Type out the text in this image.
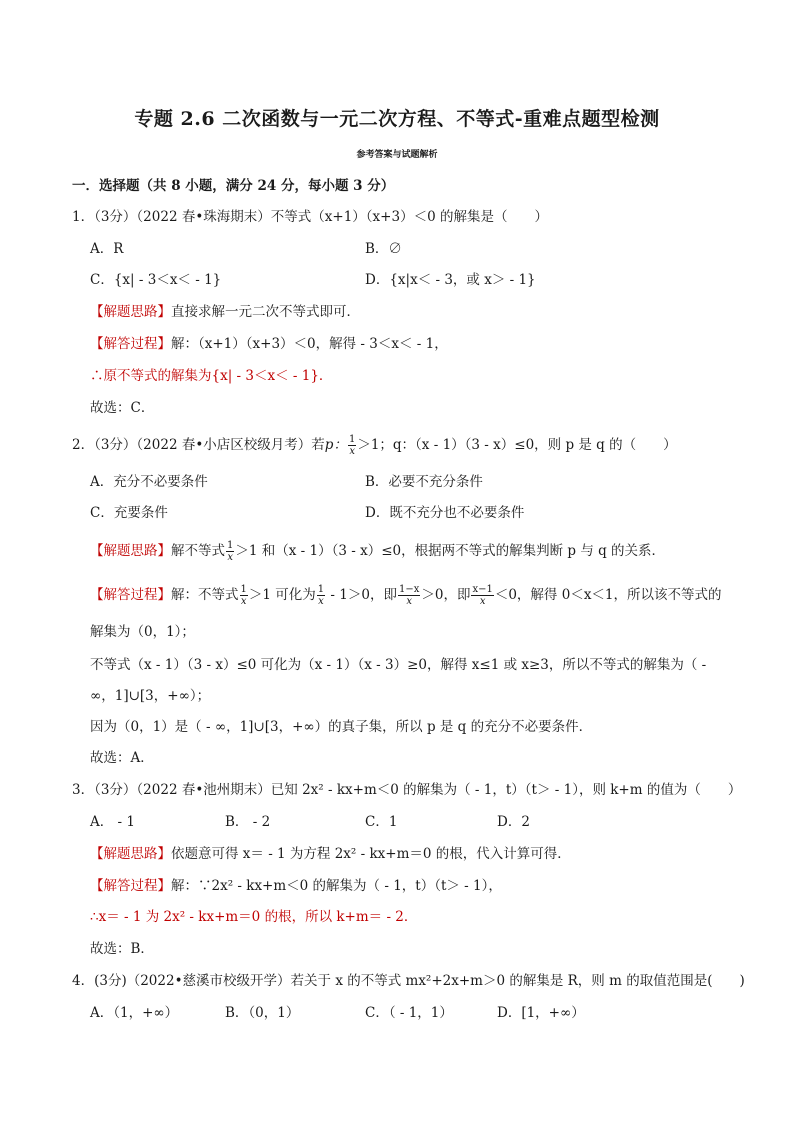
专题 2.6 二次函数与一元二次方程、不等式-重难点题型检测
参考答案与试题解析
一．选择题（共 8 小题，满分 24 分，每小题 3 分）
1．（3分）（2022 春•珠海期末）不等式（x+1）（x+3）＜0 的解集是（　　）
A．R	B．∅
C．{x| - 3＜x＜ - 1}	D．{x|x＜ - 3，或 x＞ - 1}
【解题思路】直接求解一元二次不等式即可．
【解答过程】解：（x+1）（x+3）＜0，解得 - 3＜x＜ - 1，
∴原不等式的解集为{x| - 3＜x＜ - 1}．
故选：C．
2．（3分）（2022 春•小店区校级月考）若p： $\frac{1}{x} >1$；q：（x - 1）（3 - x）≤0，则 p 是 q 的（　　）
A．充分不必要条件	B．必要不充分条件
C．充要条件	D．既不充分也不必要条件
【解题思路】解不等式 $\frac{1}{x} >1$ 和（x - 1）（3 - x）≤0，根据两不等式的解集判断 p 与 q 的关系．
【解答过程】解：不等式 $\frac{1}{x} >1$ 可化为 $\frac{1}{x} - 1>0$，即 $\frac{1-x}{x} >0$，即 $\frac{x-1}{x} <0$，解得 0＜x＜1，所以该不等式的
解集为（0，1）；
不等式（x - 1）（3 - x）≤0 可化为（x - 1）（x - 3）≥0，解得 x≤1 或 x≥3，所以不等式的解集为（ -
∞，1]∪[3，+∞）；
因为（0，1）是（ - ∞，1]∪[3，+∞）的真子集，所以 p 是 q 的充分不必要条件．
故选：A．
3．（3分）（2022 春•池州期末）已知 2x² - kx+m＜0 的解集为（ - 1，t）（t＞ - 1），则 k+m 的值为（　　）
A． - 1	B． - 2	C．1	D．2
【解题思路】依题意可得 x＝ - 1 为方程 2x² - kx+m＝0 的根，代入计算可得．
【解答过程】解：∵2x² - kx+m＜0 的解集为（ - 1，t）（t＞ - 1），
∴x＝ - 1 为 2x² - kx+m＝0 的根，所以 k+m＝ - 2．
故选：B．
4．(3分)（2022•慈溪市校级开学）若关于 x 的不等式 mx²+2x+m＞0 的解集是 R，则 m 的取值范围是(　　)
A．（1，+∞）	B．（0，1）	C．（ - 1，1）	D．[1，+∞）
